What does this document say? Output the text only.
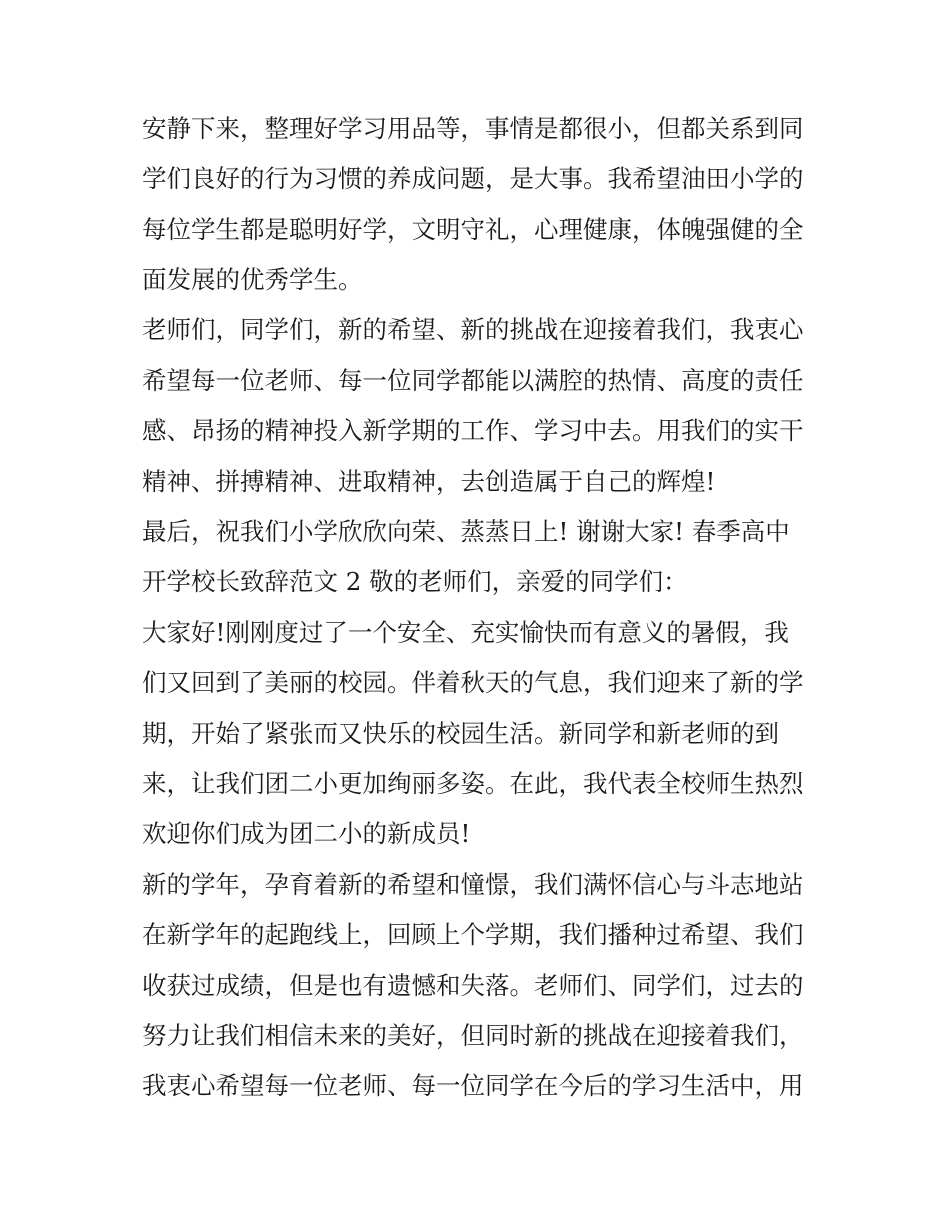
安静下来，整理好学习用品等，事情是都很小，但都关系到同
学们良好的行为习惯的养成问题，是大事。我希望油田小学的
每位学生都是聪明好学，文明守礼，心理健康，体魄强健的全
面发展的优秀学生。
老师们，同学们，新的希望、新的挑战在迎接着我们，我衷心
希望每一位老师、每一位同学都能以满腔的热情、高度的责任
感、昂扬的精神投入新学期的工作、学习中去。用我们的实干
精神、拼搏精神、进取精神，去创造属于自己的辉煌!
最后，祝我们小学欣欣向荣、蒸蒸日上! 谢谢大家! 春季高中
开学校长致辞范文 2 敬的老师们，亲爱的同学们：
大家好!刚刚度过了一个安全、充实愉快而有意义的暑假，我
们又回到了美丽的校园。伴着秋天的气息，我们迎来了新的学
期，开始了紧张而又快乐的校园生活。新同学和新老师的到
来，让我们团二小更加绚丽多姿。在此，我代表全校师生热烈
欢迎你们成为团二小的新成员!
新的学年，孕育着新的希望和憧憬，我们满怀信心与斗志地站
在新学年的起跑线上，回顾上个学期，我们播种过希望、我们
收获过成绩，但是也有遗憾和失落。老师们、同学们，过去的
努力让我们相信未来的美好，但同时新的挑战在迎接着我们，
我衷心希望每一位老师、每一位同学在今后的学习生活中，用
